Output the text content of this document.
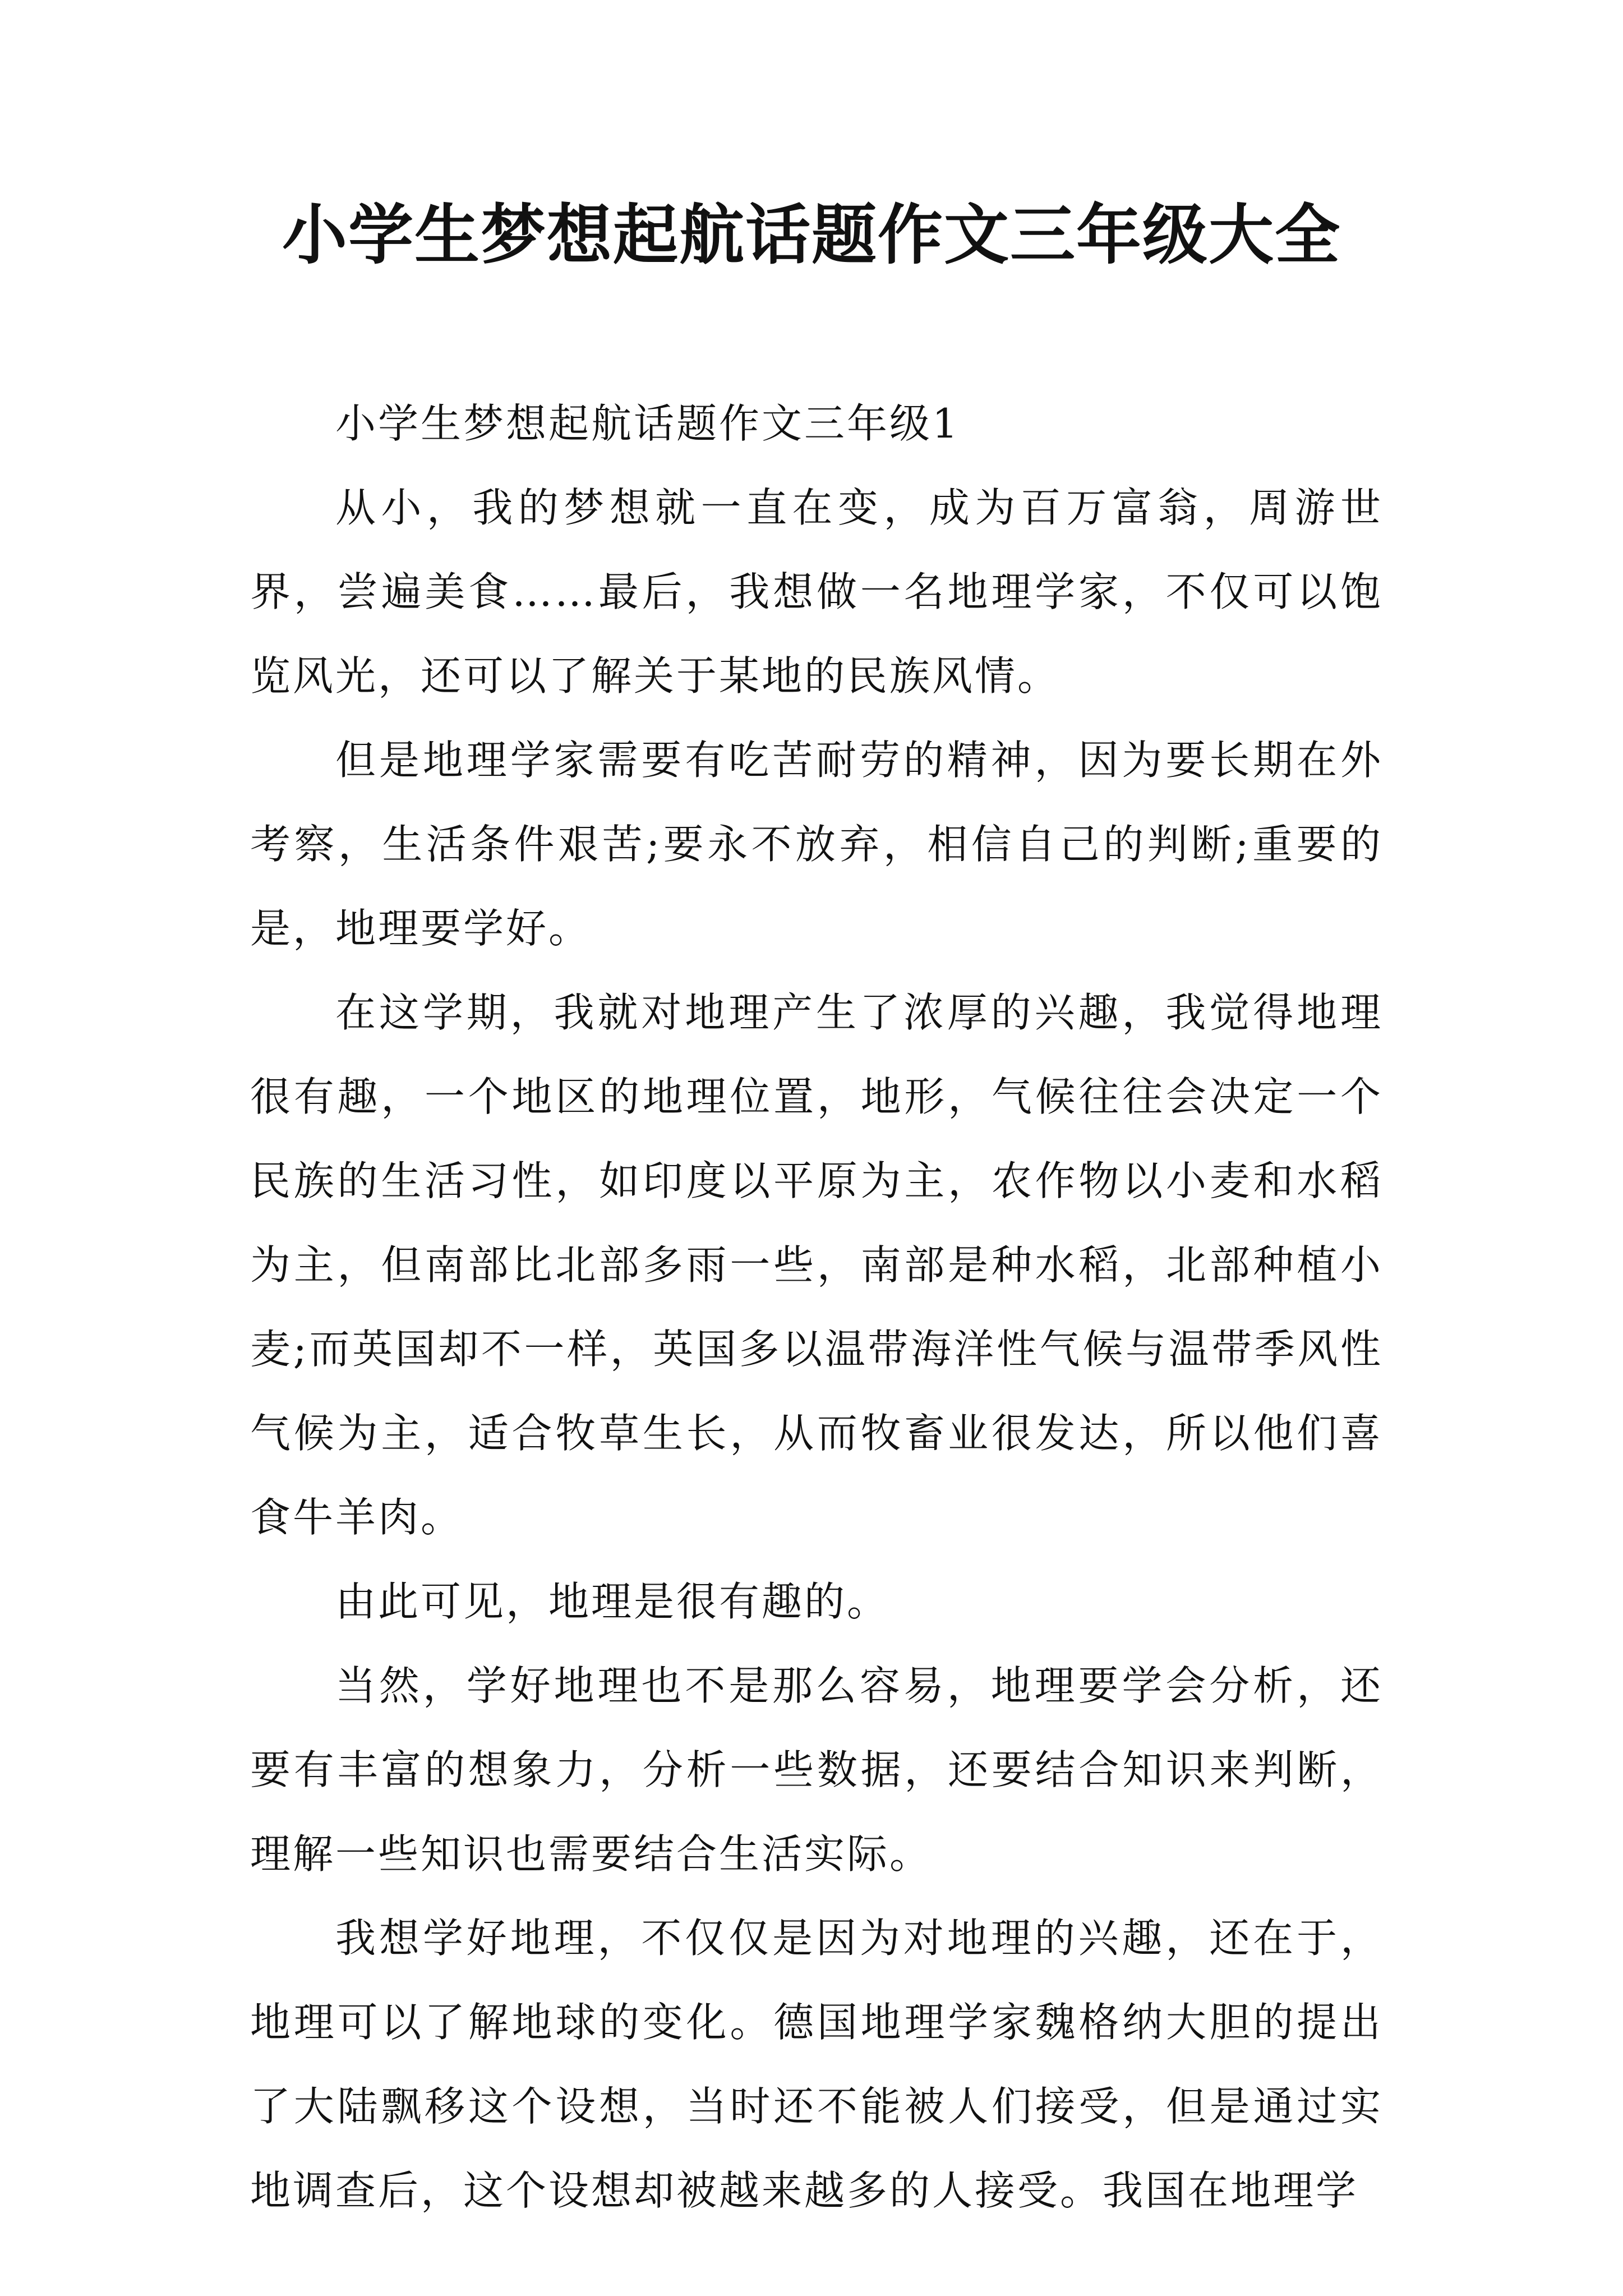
小学生梦想起航话题作文三年级大全

小学生梦想起航话题作文三年级1

从小，我的梦想就一直在变，成为百万富翁，周游世界，尝遍美食……最后，我想做一名地理学家，不仅可以饱览风光，还可以了解关于某地的民族风情。

但是地理学家需要有吃苦耐劳的精神，因为要长期在外考察，生活条件艰苦;要永不放弃，相信自己的判断;重要的是，地理要学好。

在这学期，我就对地理产生了浓厚的兴趣，我觉得地理很有趣，一个地区的地理位置，地形，气候往往会决定一个民族的生活习性，如印度以平原为主，农作物以小麦和水稻为主，但南部比北部多雨一些，南部是种水稻，北部种植小麦;而英国却不一样，英国多以温带海洋性气候与温带季风性气候为主，适合牧草生长，从而牧畜业很发达，所以他们喜食牛羊肉。

由此可见，地理是很有趣的。

当然，学好地理也不是那么容易，地理要学会分析，还要有丰富的想象力，分析一些数据，还要结合知识来判断，理解一些知识也需要结合生活实际。

我想学好地理，不仅仅是因为对地理的兴趣，还在于，地理可以了解地球的变化。德国地理学家魏格纳大胆的提出了大陆飘移这个设想，当时还不能被人们接受，但是通过实地调查后，这个设想却被越来越多的人接受。我国在地理学
